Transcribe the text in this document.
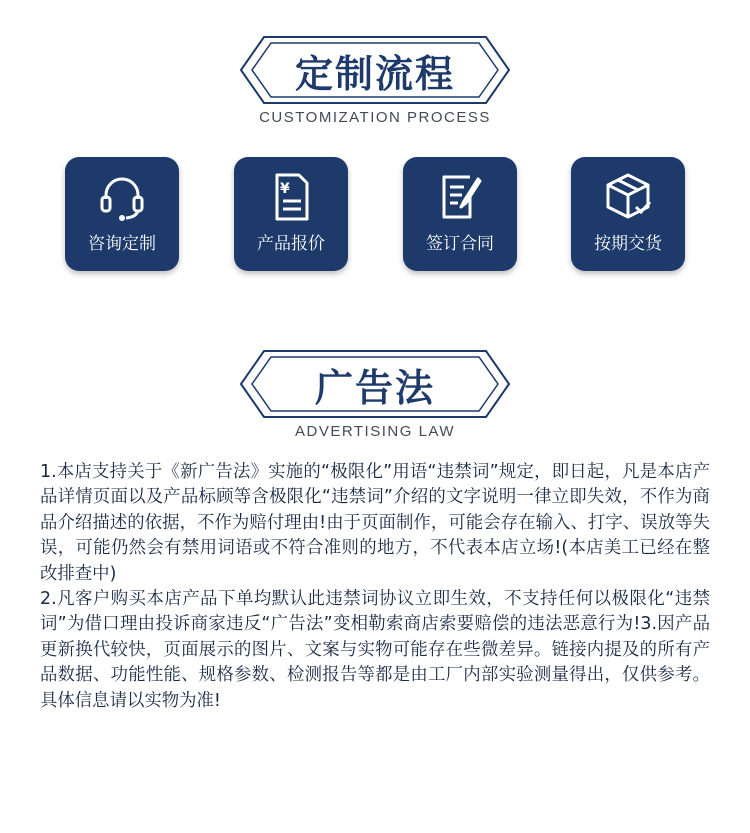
定制流程
CUSTOMIZATION PROCESS
咨询定制
¥
产品报价	签订合同	按期交货
广告法
ADVERTISING LAW

1.本店支持关于《新广告法》实施的“极限化”用语“违禁词”规定，即日起，凡是本店产品详情页面以及产品标顾等含极限化“违禁词”介绍的文字说明一律立即失效，不作为商品介绍描述的依据，不作为赔付理由!由于页面制作，可能会存在输入、打字、误放等失误，可能仍然会有禁用词语或不符合准则的地方，不代表本店立场!(本店美工已经在整改排查中)

2.凡客户购买本店产品下单均默认此违禁词协议立即生效，不支持任何以极限化“违禁词”为借口理由投诉商家违反“广告法”变相勒索商店索要赔偿的违法恶意行为!3.因产品更新换代较快，页面展示的图片、文案与实物可能存在些微差异。链接内提及的所有产品数据、功能性能、规格参数、检测报告等都是由工厂内部实验测量得出，仅供参考。具体信息请以实物为准!
